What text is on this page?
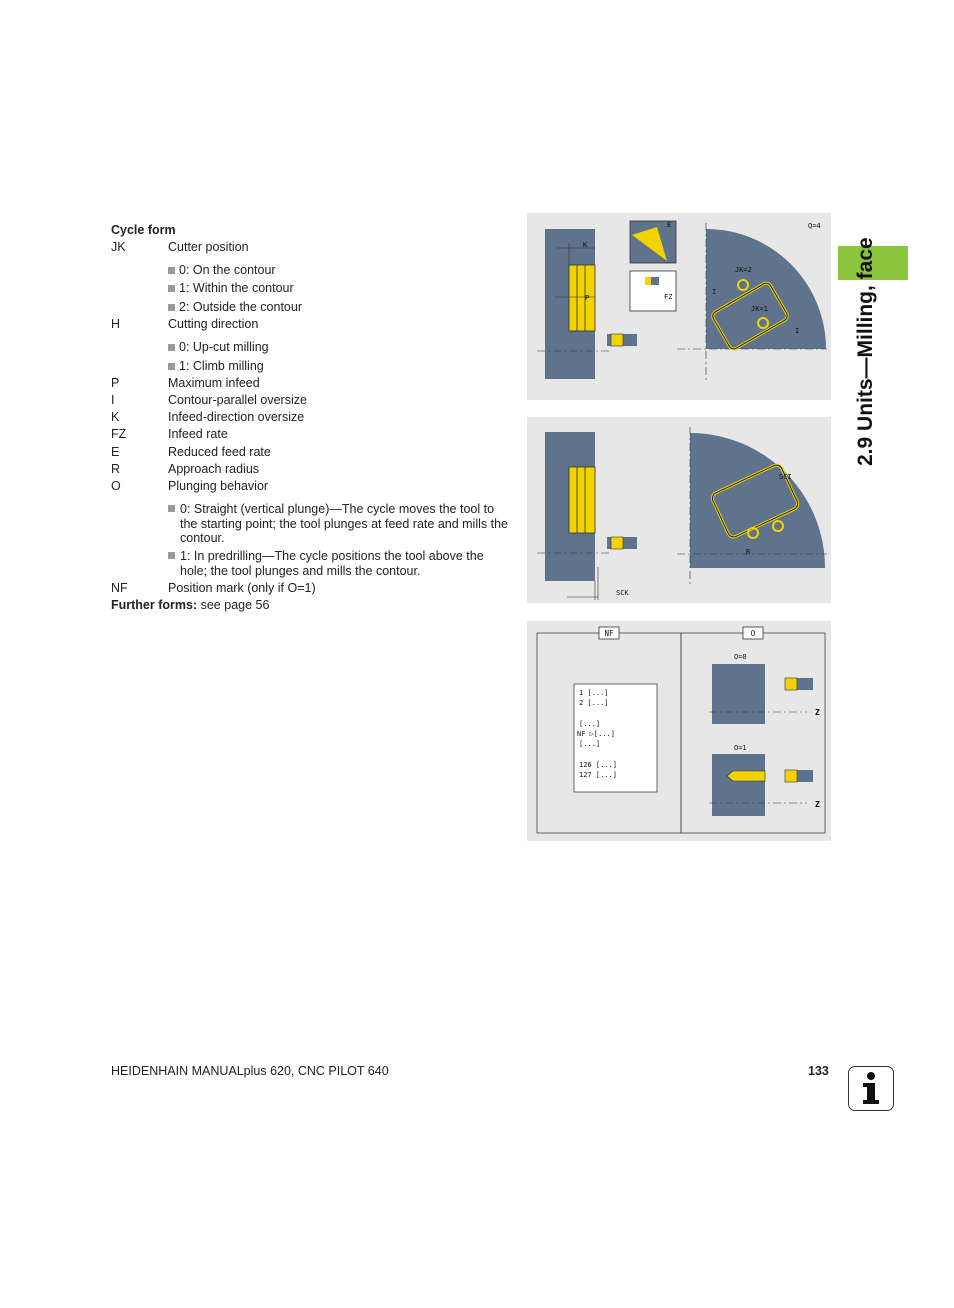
2.9 Units—Milling, face
Cycle form
JK	Cutter position
0: On the contour
1: Within the contour
2: Outside the contour
H	Cutting direction
0: Up-cut milling
1: Climb milling
P	Maximum infeed
I	Contour-parallel oversize
K	Infeed-direction oversize
FZ	Infeed rate
E	Reduced feed rate
R	Approach radius
O	Plunging behavior
0: Straight (vertical plunge)—The cycle moves the tool to the starting point; the tool plunges at feed rate and mills the contour.
1: In predrilling—The cycle positions the tool above the hole; the tool plunges and mills the contour.
NF	Position mark (only if O=1)
Further forms: see page 56
Q=4
K
P
E
FZ
JK=2
JK=1
I
I
SCI
R
SCK
NF	O
1 [...]
2 [...]
[...]
NF ▷[...]
[...]
126 [...]
127 [...]
O=0
Z
O=1
Z
HEIDENHAIN MANUALplus 620, CNC PILOT 640	133
